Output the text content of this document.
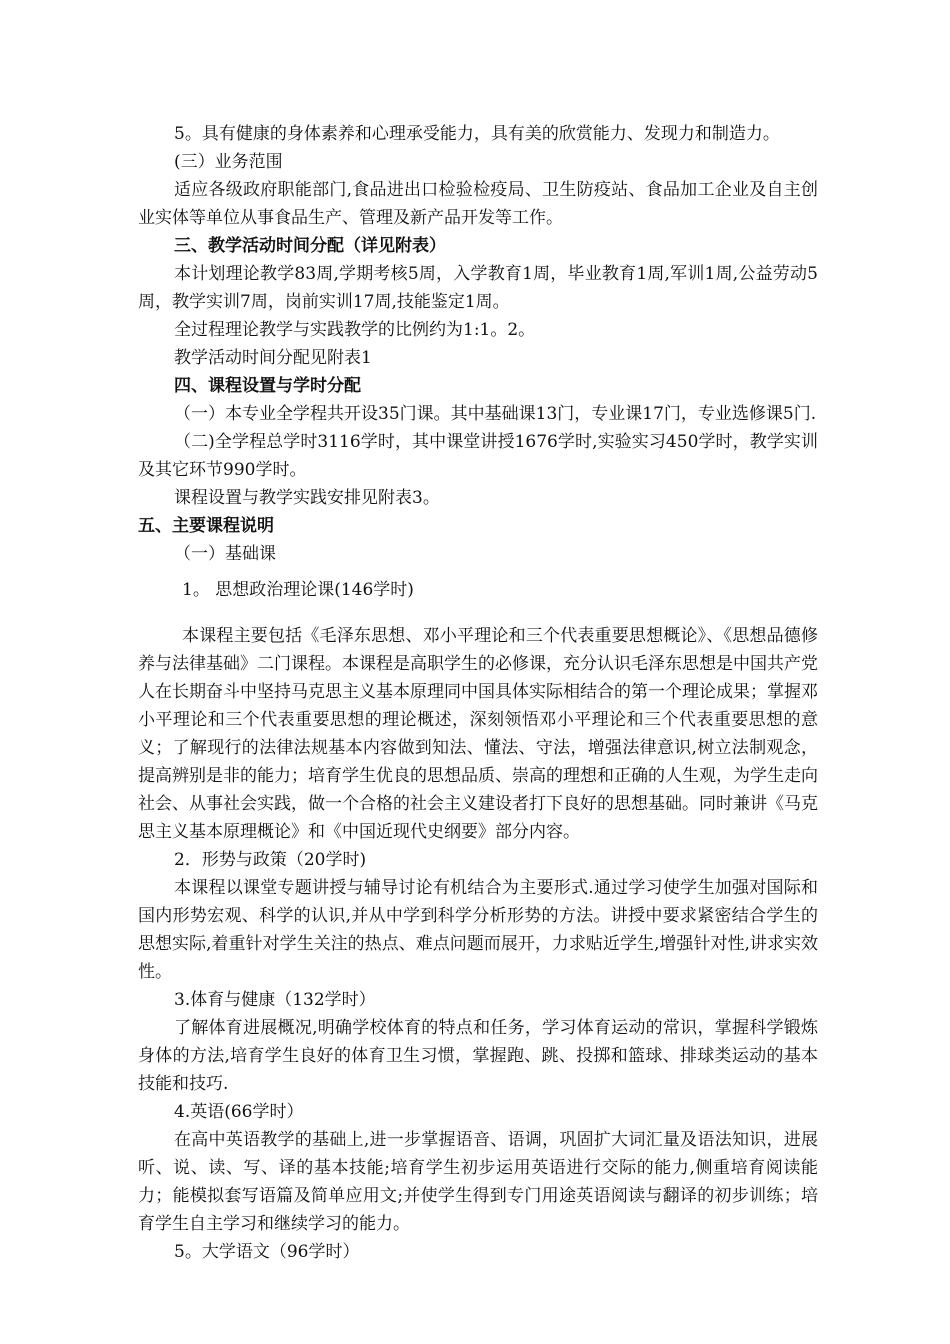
5。具有健康的身体素养和心理承受能力，具有美的欣赏能力、发现力和制造力。

(三）业务范围

适应各级政府职能部门,食品进出口检验检疫局、卫生防疫站、食品加工企业及自主创业实体等单位从事食品生产、管理及新产品开发等工作。

三、教学活动时间分配（详见附表）

本计划理论教学83周,学期考核5周，入学教育1周，毕业教育1周,军训1周,公益劳动5周，教学实训7周，岗前实训17周,技能鉴定1周。

全过程理论教学与实践教学的比例约为1:1。2。

教学活动时间分配见附表1

四、课程设置与学时分配

（一）本专业全学程共开设35门课。其中基础课13门，专业课17门，专业选修课5门.

（二)全学程总学时3116学时，其中课堂讲授1676学时,实验实习450学时，教学实训及其它环节990学时。

课程设置与教学实践安排见附表3。

五、主要课程说明

（一）基础课

1。 思想政治理论课(146学时)

本课程主要包括《毛泽东思想、邓小平理论和三个代表重要思想概论》、《思想品德修养与法律基础》二门课程。本课程是高职学生的必修课，充分认识毛泽东思想是中国共产党人在长期奋斗中坚持马克思主义基本原理同中国具体实际相结合的第一个理论成果；掌握邓小平理论和三个代表重要思想的理论概述，深刻领悟邓小平理论和三个代表重要思想的意义；了解现行的法律法规基本内容做到知法、懂法、守法，增强法律意识,树立法制观念，提高辨别是非的能力；培育学生优良的思想品质、崇高的理想和正确的人生观，为学生走向社会、从事社会实践，做一个合格的社会主义建设者打下良好的思想基础。同时兼讲《马克思主义基本原理概论》和《中国近现代史纲要》部分内容。

2．形势与政策（20学时)

本课程以课堂专题讲授与辅导讨论有机结合为主要形式.通过学习使学生加强对国际和国内形势宏观、科学的认识,并从中学到科学分析形势的方法。讲授中要求紧密结合学生的思想实际,着重针对学生关注的热点、难点问题而展开，力求贴近学生,增强针对性,讲求实效性。

3.体育与健康（132学时）

了解体育进展概况,明确学校体育的特点和任务，学习体育运动的常识，掌握科学锻炼身体的方法,培育学生良好的体育卫生习惯，掌握跑、跳、投掷和篮球、排球类运动的基本技能和技巧.

4.英语(66学时）

在高中英语教学的基础上,进一步掌握语音、语调，巩固扩大词汇量及语法知识，进展听、说、读、写、译的基本技能;培育学生初步运用英语进行交际的能力,侧重培育阅读能力；能模拟套写语篇及简单应用文;并使学生得到专门用途英语阅读与翻译的初步训练；培育学生自主学习和继续学习的能力。

5。大学语文（96学时）
